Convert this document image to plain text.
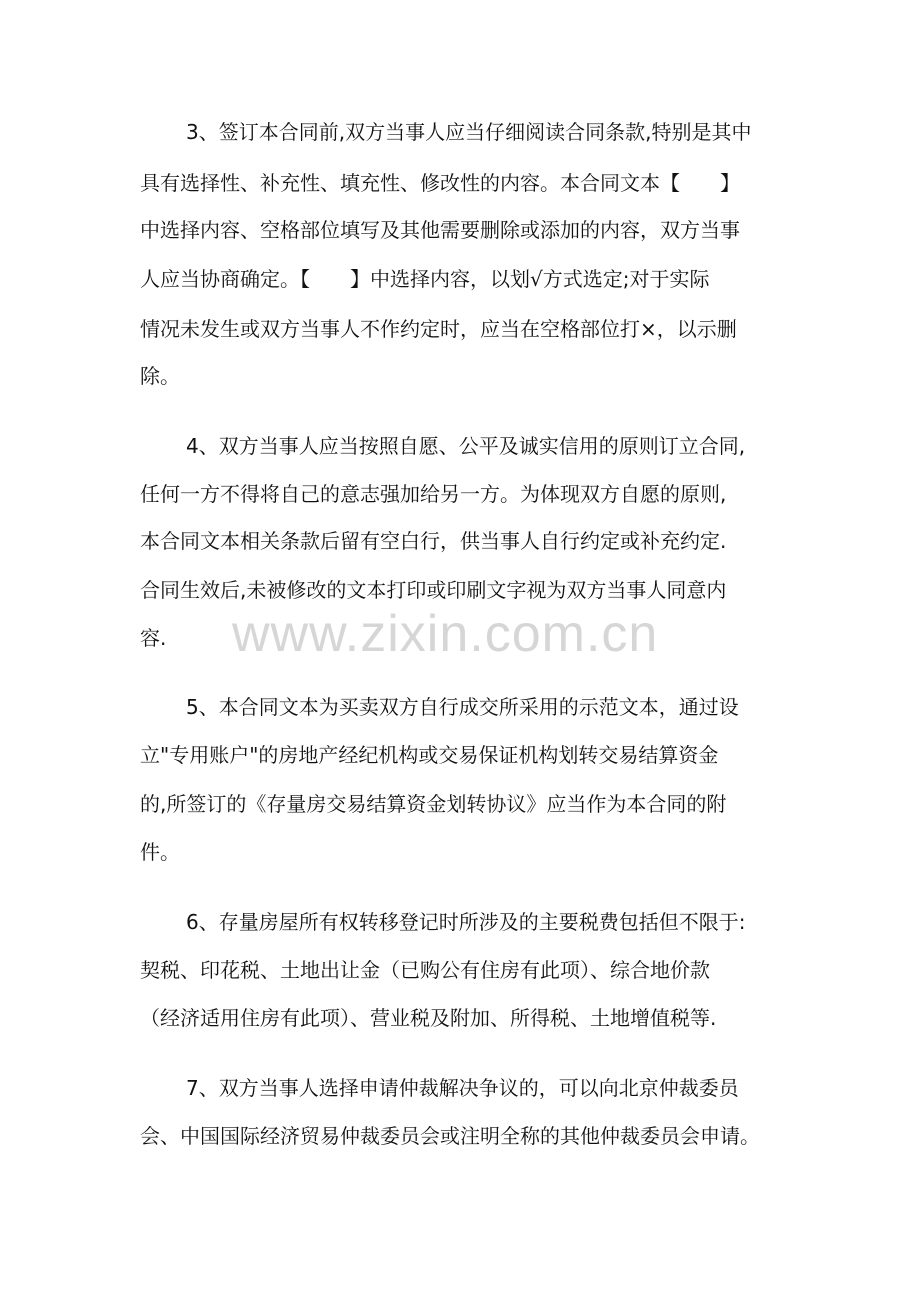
3、签订本合同前,双方当事人应当仔细阅读合同条款,特别是其中
具有选择性、补充性、填充性、修改性的内容。本合同文本【　　】
中选择内容、空格部位填写及其他需要删除或添加的内容，双方当事
人应当协商确定。【　　】中选择内容，以划√方式选定;对于实际
情况未发生或双方当事人不作约定时，应当在空格部位打×，以示删
除。
4、双方当事人应当按照自愿、公平及诚实信用的原则订立合同,
任何一方不得将自己的意志强加给另一方。为体现双方自愿的原则,
本合同文本相关条款后留有空白行，供当事人自行约定或补充约定.
合同生效后,未被修改的文本打印或印刷文字视为双方当事人同意内
容. www.zixin.com.cn
5、本合同文本为买卖双方自行成交所采用的示范文本，通过设
立"专用账户"的房地产经纪机构或交易保证机构划转交易结算资金
的,所签订的《存量房交易结算资金划转协议》应当作为本合同的附
件。
6、存量房屋所有权转移登记时所涉及的主要税费包括但不限于:
契税、印花税、土地出让金（已购公有住房有此项）、综合地价款
（经济适用住房有此项）、营业税及附加、所得税、土地增值税等.
7、双方当事人选择申请仲裁解决争议的，可以向北京仲裁委员
会、中国国际经济贸易仲裁委员会或注明全称的其他仲裁委员会申请。
